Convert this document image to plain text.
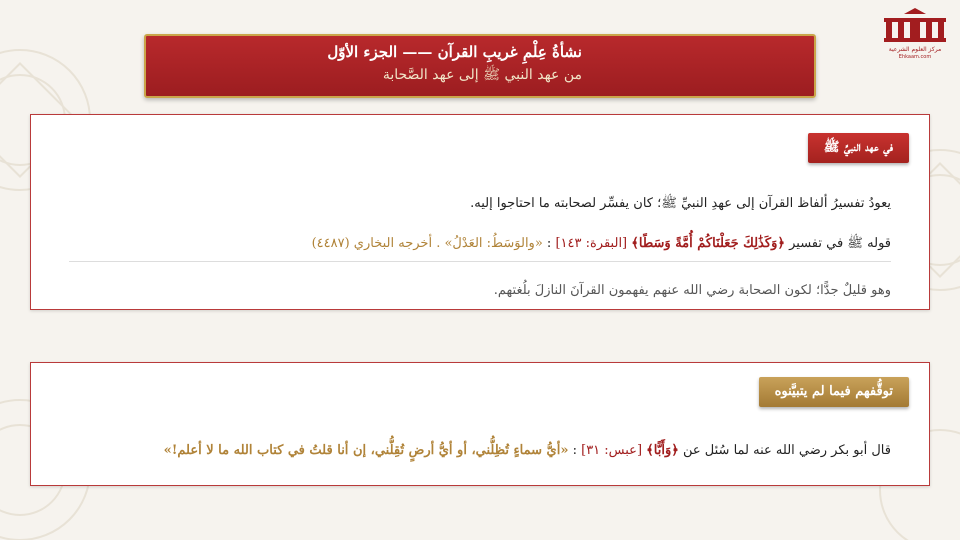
مركز العلوم الشرعية
Ehkaam.com
نشأةُ عِلْمِ غريبِ القرآن —— الجزء الأوّل
من عهد النبي ﷺ إلى عهد الصَّحابة
في عهد النبيِّ ﷺ
يعودُ تفسيرُ ألفاظ القرآن إلى عهدِ النبيِّ ﷺ؛ كان يفسِّر لصحابته ما احتاجوا إليه.
قوله ﷺ في تفسير ﴿وَكَذَٰلِكَ جَعَلْنَاكُمْ أُمَّةً وَسَطًا﴾ [البقرة: ١٤٣] : «والوَسَطُ: العَدْلُ» . أخرجه البخاري (٤٤٨٧)
وهو قليلٌ جدًّا؛ لكون الصحابة رضي الله عنهم يفهمون القرآنَ النازلَ بلُغتهم.
توقُّفهم فيما لم يتبيَّنوه
قال أبو بكر رضي الله عنه لما سُئل عن ﴿وَأَبًّا﴾ [عبس: ٣١] : «أيُّ سماءٍ تُظِلُّني، أو أيُّ أرضٍ تُقِلُّني، إن أنا قلتُ في كتاب الله ما لا أعلم!»
